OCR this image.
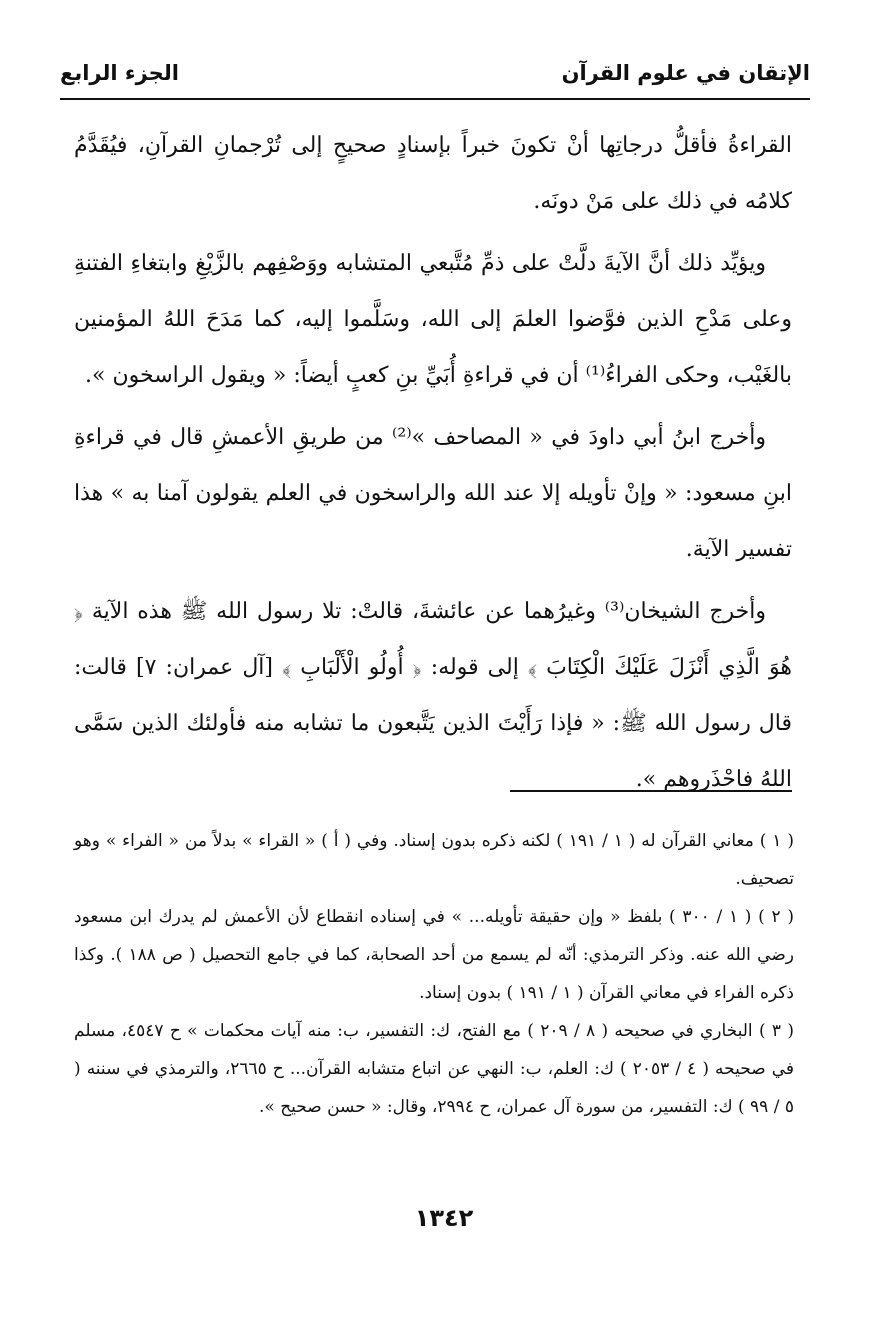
الإتقان في علوم القرآن
الجزء الرابع

القراءةُ فأقلُّ درجاتِها أنْ تكونَ خبراً بإسنادٍ صحيحٍ إلى تُرْجمانِ القرآنِ، فيُقَدَّمُ كلامُه في ذلك على مَنْ دونَه.

ويؤيِّد ذلك أنَّ الآيةَ دلَّتْ على ذمِّ مُتَّبعي المتشابه ووَصْفِهم بالزَّيْغِ وابتغاءِ الفتنةِ وعلى مَدْحِ الذين فوَّضوا العلمَ إلى الله، وسَلَّموا إليه، كما مَدَحَ اللهُ المؤمنين بالغَيْب، وحكى الفراءُ⁽¹⁾ أن في قراءةِ أُبَيِّ بنِ كعبٍ أيضاً: « ويقول الراسخون ».

وأخرج ابنُ أبي داودَ في « المصاحف »⁽²⁾ من طريقِ الأعمشِ قال في قراءةِ ابنِ مسعود: « وإنْ تأويله إلا عند الله والراسخون في العلم يقولون آمنا به » هذا تفسير الآية.

وأخرج الشيخان⁽³⁾ وغيرُهما عن عائشةَ، قالتْ: تلا رسول الله ﷺ هذه الآية ﴿ هُوَ الَّذِي أَنْزَلَ عَلَيْكَ الْكِتَابَ ﴾ إلى قوله: ﴿ أُولُو الْأَلْبَابِ ﴾ [آل عمران: ٧] قالت: قال رسول الله ﷺ: « فإذا رَأَيْتَ الذين يَتَّبعون ما تشابه منه فأولئك الذين سَمَّى اللهُ فاحْذَروهم ».

( ١ ) معاني القرآن له ( ١ / ١٩١ ) لكنه ذكره بدون إسناد. وفي ( أ ) « القراء » بدلاً من « الفراء » وهو تصحيف.

( ٢ ) ( ١ / ٣٠٠ ) بلفظ « وإن حقيقة تأويله... » في إسناده انقطاع لأن الأعمش لم يدرك ابن مسعود رضي الله عنه. وذكر الترمذي: أنّه لم يسمع من أحد الصحابة، كما في جامع التحصيل ( ص ١٨٨ ). وكذا ذكره الفراء في معاني القرآن ( ١ / ١٩١ ) بدون إسناد.

( ٣ ) البخاري في صحيحه ( ٨ / ٢٠٩ ) مع الفتح، ك: التفسير، ب: منه آيات محكمات » ح ٤٥٤٧، مسلم في صحيحه ( ٤ / ٢٠٥٣ ) ك: العلم، ب: النهي عن اتباع متشابه القرآن... ح ٢٦٦٥، والترمذي في سننه ( ٥ / ٩٩ ) ك: التفسير، من سورة آل عمران، ح ٢٩٩٤، وقال: « حسن صحيح ».

١٣٤٢
